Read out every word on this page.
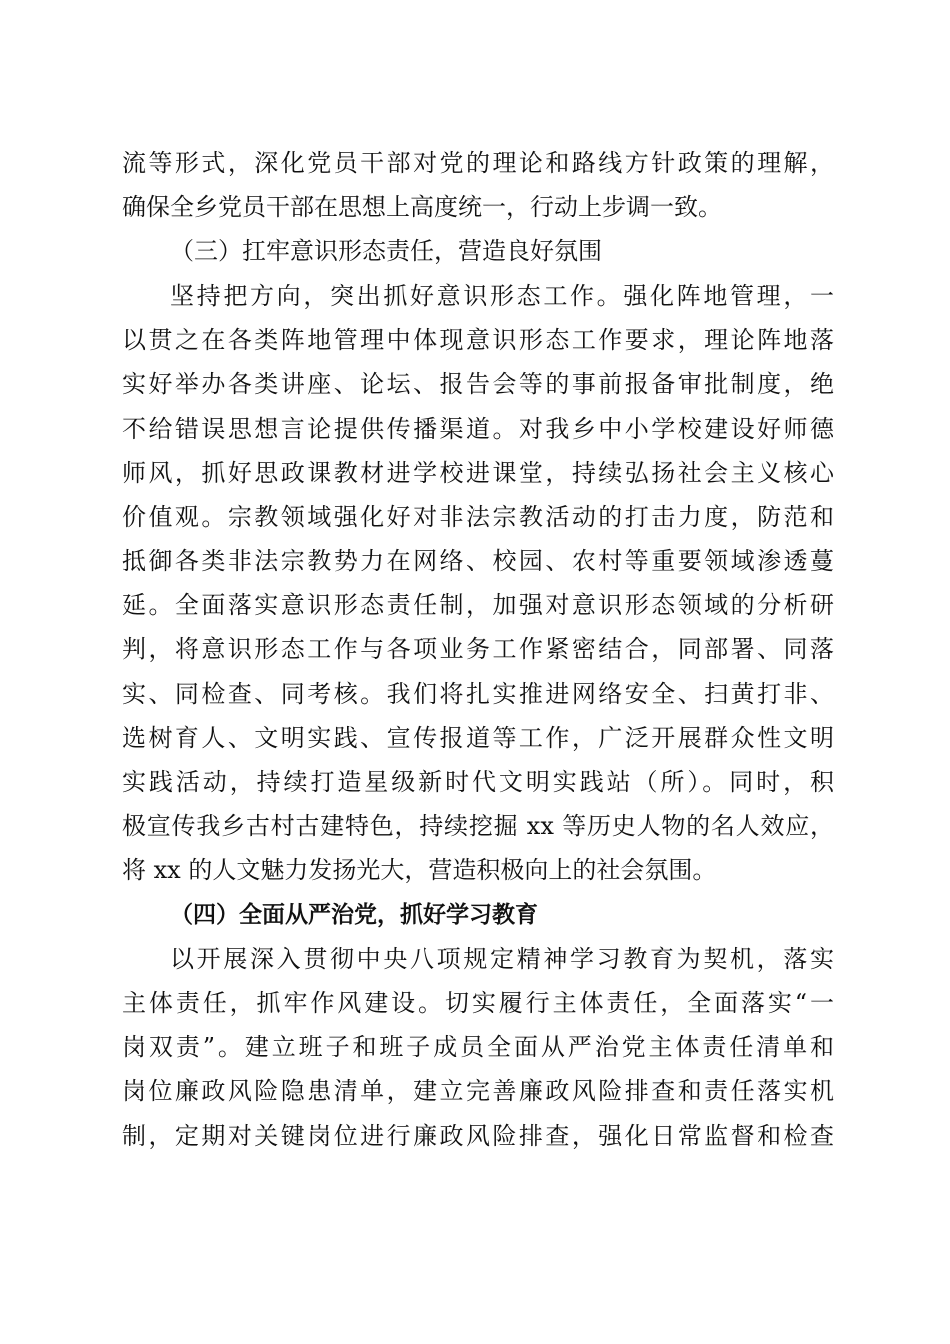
流等形式，深化党员干部对党的理论和路线方针政策的理解，
确保全乡党员干部在思想上高度统一，行动上步调一致。
（三）扛牢意识形态责任，营造良好氛围
坚持把方向，突出抓好意识形态工作。强化阵地管理，一
以贯之在各类阵地管理中体现意识形态工作要求，理论阵地落
实好举办各类讲座、论坛、报告会等的事前报备审批制度，绝
不给错误思想言论提供传播渠道。对我乡中小学校建设好师德
师风，抓好思政课教材进学校进课堂，持续弘扬社会主义核心
价值观。宗教领域强化好对非法宗教活动的打击力度，防范和
抵御各类非法宗教势力在网络、校园、农村等重要领域渗透蔓
延。全面落实意识形态责任制，加强对意识形态领域的分析研
判，将意识形态工作与各项业务工作紧密结合，同部署、同落
实、同检查、同考核。我们将扎实推进网络安全、扫黄打非、
选树育人、文明实践、宣传报道等工作，广泛开展群众性文明
实践活动，持续打造星级新时代文明实践站（所）。同时，积
极宣传我乡古村古建特色，持续挖掘 xx 等历史人物的名人效应，
将 xx 的人文魅力发扬光大，营造积极向上的社会氛围。
（四）全面从严治党，抓好学习教育
以开展深入贯彻中央八项规定精神学习教育为契机，落实
主体责任，抓牢作风建设。切实履行主体责任，全面落实“一
岗双责”。建立班子和班子成员全面从严治党主体责任清单和
岗位廉政风险隐患清单，建立完善廉政风险排查和责任落实机
制，定期对关键岗位进行廉政风险排查，强化日常监督和检查
